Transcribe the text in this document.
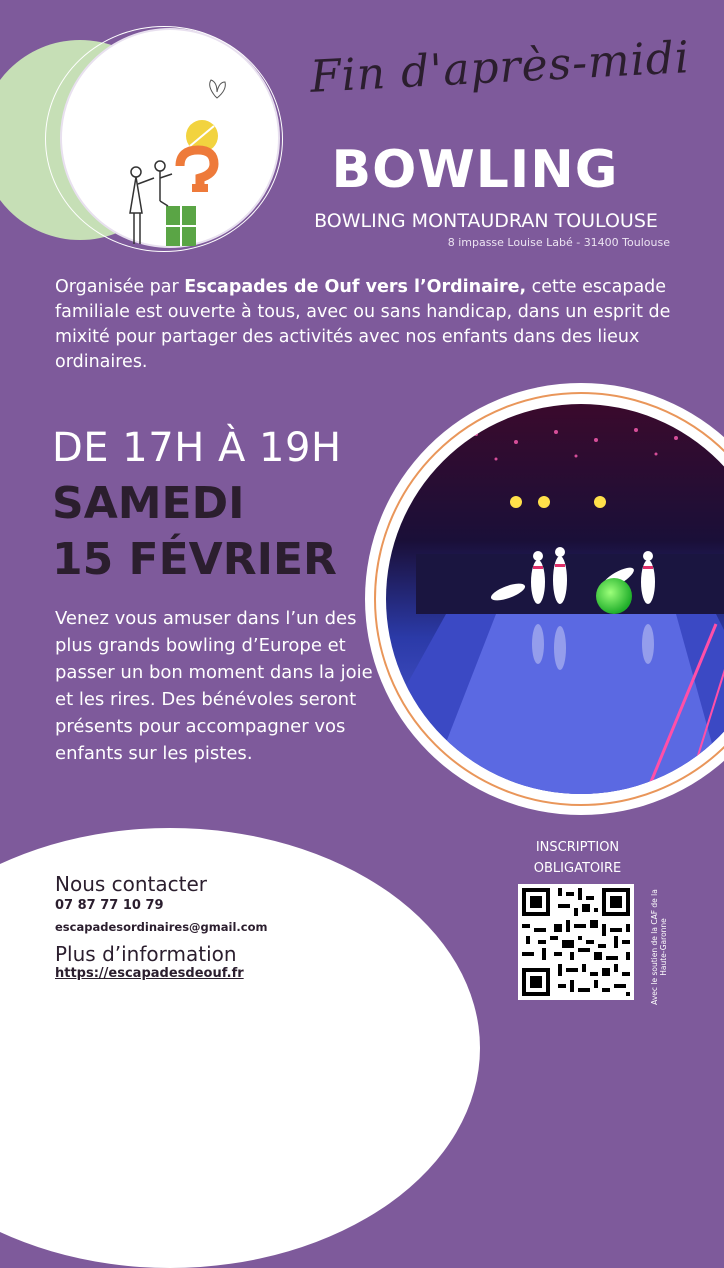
Fin d'après-midi
BOWLING
BOWLING MONTAUDRAN TOULOUSE
8 impasse Louise Labé - 31400 Toulouse
Organisée par Escapades de Ouf vers l’Ordinaire, cette escapade familiale est ouverte à tous, avec ou sans handicap, dans un esprit de mixité pour partager des activités avec nos enfants dans des lieux ordinaires.
DE 17H À 19H
SAMEDI
15 FÉVRIER
Venez vous amuser dans l’un des plus grands bowling d’Europe et passer un bon moment dans la joie et les rires. Des bénévoles seront présents pour accompagner vos enfants sur les pistes.
Nous contacter
07 87 77 10 79
escapadesordinaires@gmail.com
Plus d’information
https://escapadesdeouf.fr
INSCRIPTION
OBLIGATOIRE
Avec le soutien de la CAF de la Haute-Garonne
